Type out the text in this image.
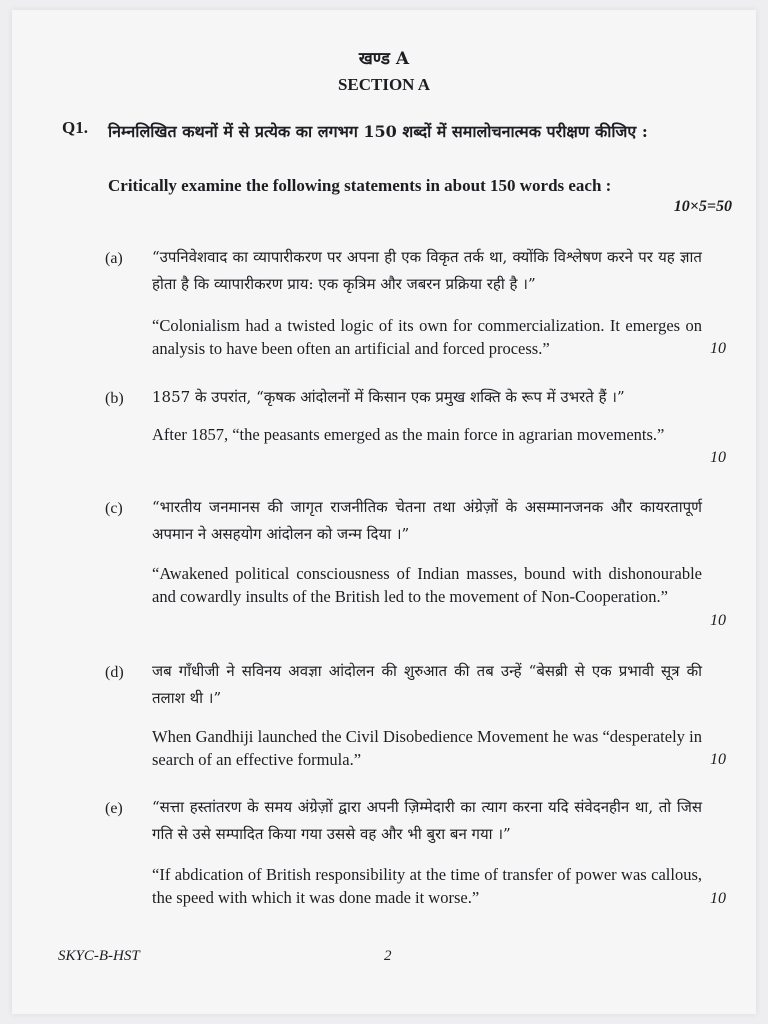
खण्ड A
SECTION A
Q1. निम्नलिखित कथनों में से प्रत्येक का लगभग 150 शब्दों में समालोचनात्मक परीक्षण कीजिए :
Critically examine the following statements in about 150 words each :
10×5=50
(a) “उपनिवेशवाद का व्यापारीकरण पर अपना ही एक विकृत तर्क था, क्योंकि विश्लेषण करने पर यह ज्ञात होता है कि व्यापारीकरण प्राय: एक कृत्रिम और जबरन प्रक्रिया रही है ।”
“Colonialism had a twisted logic of its own for commercialization. It emerges on analysis to have been often an artificial and forced process.”	10
(b) 1857 के उपरांत, “कृषक आंदोलनों में किसान एक प्रमुख शक्ति के रूप में उभरते हैं ।”
After 1857, “the peasants emerged as the main force in agrarian movements.”
10
(c) “भारतीय जनमानस की जागृत राजनीतिक चेतना तथा अंग्रेज़ों के असम्मानजनक और कायरतापूर्ण अपमान ने असहयोग आंदोलन को जन्म दिया ।”
“Awakened political consciousness of Indian masses, bound with dishonourable and cowardly insults of the British led to the movement of Non-Cooperation.”
10
(d) जब गाँधीजी ने सविनय अवज्ञा आंदोलन की शुरुआत की तब उन्हें “बेसब्री से एक प्रभावी सूत्र की तलाश थी ।”
When Gandhiji launched the Civil Disobedience Movement he was “desperately in search of an effective formula.”	10
(e) “सत्ता हस्तांतरण के समय अंग्रेज़ों द्वारा अपनी ज़िम्मेदारी का त्याग करना यदि संवेदनहीन था, तो जिस गति से उसे सम्पादित किया गया उससे वह और भी बुरा बन गया ।”
“If abdication of British responsibility at the time of transfer of power was callous, the speed with which it was done made it worse.”	10
SKYC-B-HST	2
